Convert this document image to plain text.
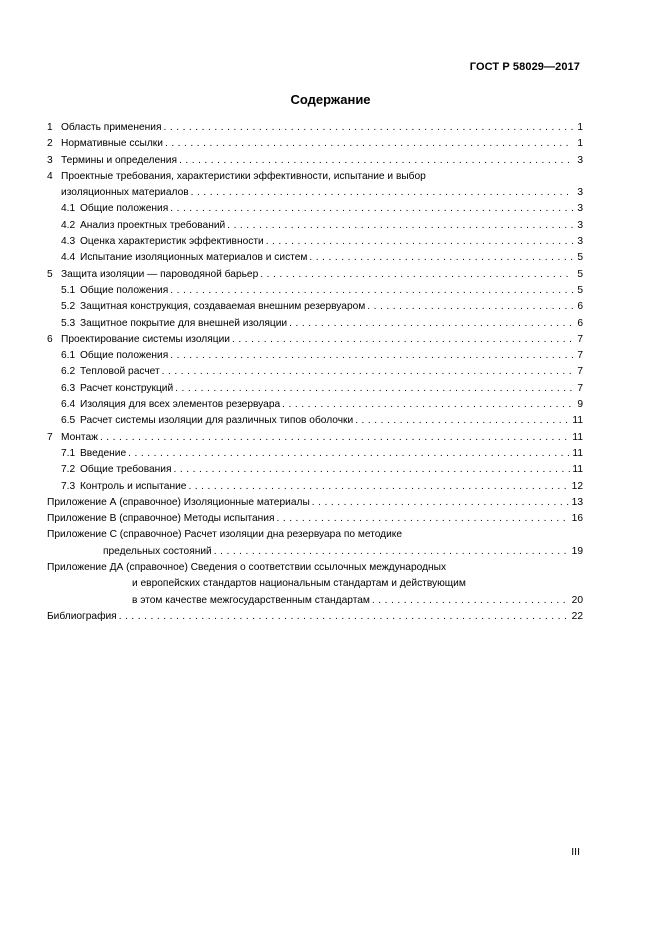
ГОСТ Р 58029—2017
Содержание
1 Область применения . . .	1
2 Нормативные ссылки . . .	1
3 Термины и определения . . .	3
4 Проектные требования, характеристики эффективности, испытание и выбор
изоляционных материалов . . .	3
4.1 Общие положения . . .	3
4.2 Анализ проектных требований . . .	3
4.3 Оценка характеристик эффективности . . .	3
4.4 Испытание изоляционных материалов и систем . . .	5
5 Защита изоляции — пароводяной барьер . . .	5
5.1 Общие положения . . .	5
5.2 Защитная конструкция, создаваемая внешним резервуаром . . .	6
5.3 Защитное покрытие для внешней изоляции . . .	6
6 Проектирование системы изоляции . . .	7
6.1 Общие положения . . .	7
6.2 Тепловой расчет . . .	7
6.3 Расчет конструкций . . .	7
6.4 Изоляция для всех элементов резервуара . . .	9
6.5 Расчет системы изоляции для различных типов оболочки . . .	11
7 Монтаж . . .	11
7.1 Введение . . .	11
7.2 Общие требования . . .	11
7.3 Контроль и испытание . . .	12
Приложение А (справочное) Изоляционные материалы . . .	13
Приложение В (справочное) Методы испытания . . .	16
Приложение С (справочное) Расчет изоляции дна резервуара по методике
предельных состояний . . .	19
Приложение ДА (справочное) Сведения о соответствии ссылочных международных
и европейских стандартов национальным стандартам и действующим
в этом качестве межгосударственным стандартам . . .	20
Библиография . . .	22
III
